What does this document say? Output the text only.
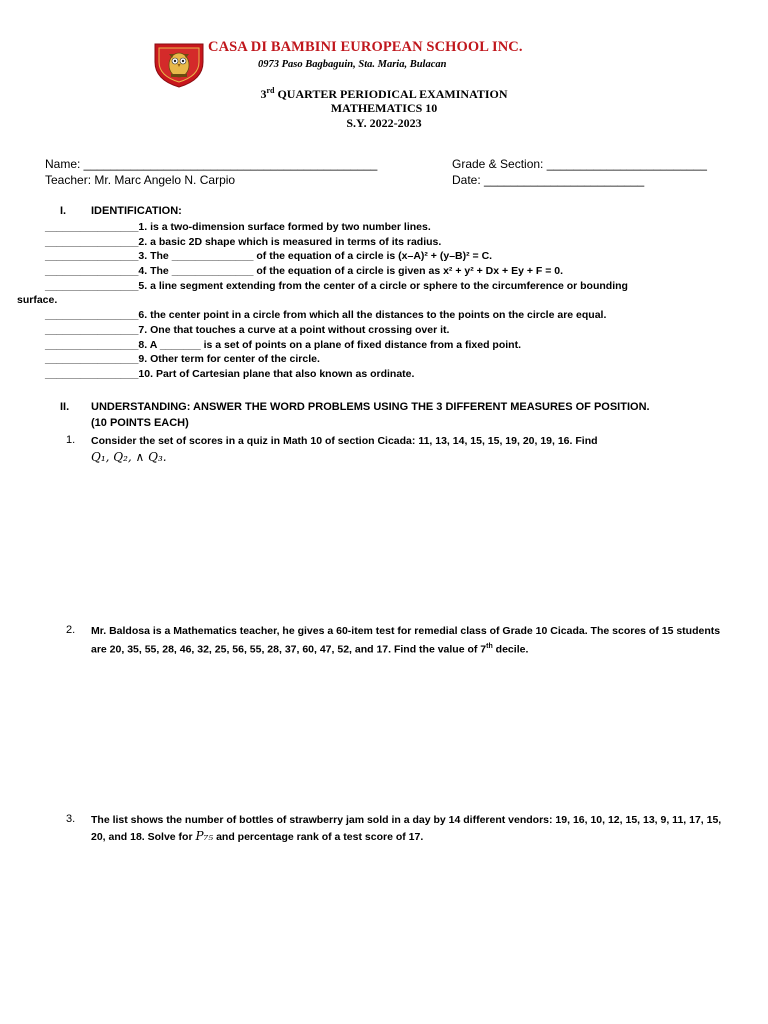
CASA DI BAMBINI EUROPEAN SCHOOL INC.
0973 Paso Bagbaguin, Sta. Maria, Bulacan
3rd QUARTER PERIODICAL EXAMINATION
MATHEMATICS 10
S.Y. 2022-2023
Name: ____________________________________________
Teacher: Mr. Marc Angelo N. Carpio
Grade & Section: ________________________
Date: ________________________
I. IDENTIFICATION:
________________1. is a two-dimension surface formed by two number lines.
________________2. a basic 2D shape which is measured in terms of its radius.
________________3. The ______________ of the equation of a circle is (x–A)² + (y–B)² = C.
________________4. The ______________ of the equation of a circle is given as x² + y² + Dx + Ey + F = 0.
________________5. a line segment extending from the center of a circle or sphere to the circumference or bounding
surface.
________________6. the center point in a circle from which all the distances to the points on the circle are equal.
________________7. One that touches a curve at a point without crossing over it.
________________8. A _______ is a set of points on a plane of fixed distance from a fixed point.
________________9. Other term for center of the circle.
________________10. Part of Cartesian plane that also known as ordinate.
II. UNDERSTANDING: ANSWER THE WORD PROBLEMS USING THE 3 DIFFERENT MEASURES OF POSITION.
(10 POINTS EACH)
1. Consider the set of scores in a quiz in Math 10 of section Cicada: 11, 13, 14, 15, 15, 19, 20, 19, 16. Find
Q₁, Q₂, ∧ Q₃.
2. Mr. Baldosa is a Mathematics teacher, he gives a 60-item test for remedial class of Grade 10 Cicada. The scores of 15 students are 20, 35, 55, 28, 46, 32, 25, 56, 55, 28, 37, 60, 47, 52, and 17. Find the value of 7th decile.
3. The list shows the number of bottles of strawberry jam sold in a day by 14 different vendors: 19, 16, 10, 12, 15, 13, 9, 11, 17, 15, 20, and 18. Solve for P₇₅ and percentage rank of a test score of 17.
